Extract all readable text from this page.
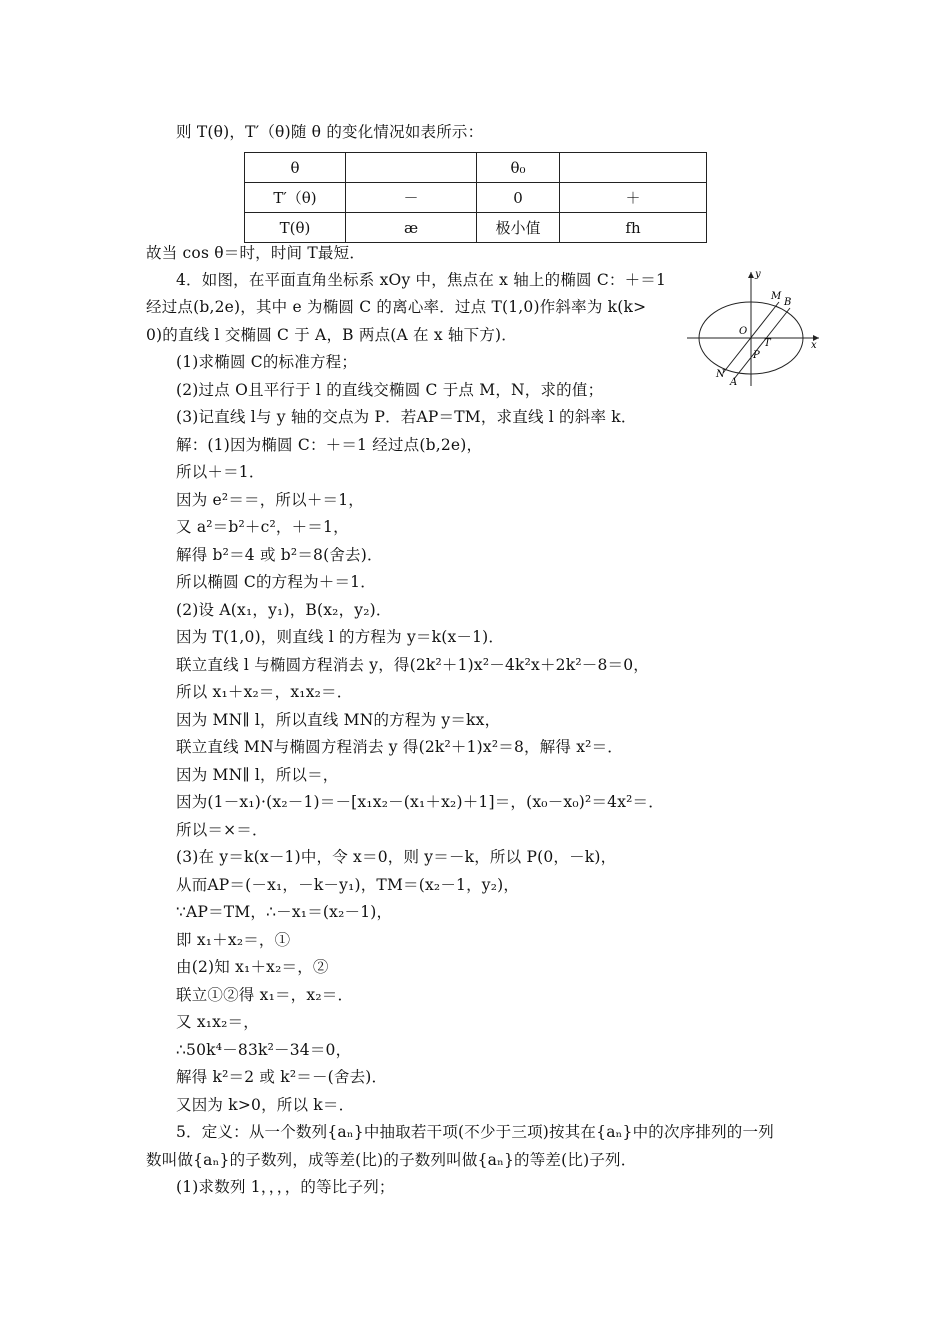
则 T(θ)，T′（θ)随 θ 的变化情况如表所示：
θ		θ₀	
T′（θ)	－	0	＋
T(θ)	æ	极小值	fh
故当 cos θ＝时，时间 T最短．
4．如图，在平面直角坐标系 xOy 中，焦点在 x 轴上的椭圆 C：＋＝1
经过点(b,2e)，其中 e 为椭圆 C 的离心率．过点 T(1,0)作斜率为 k(k>
0)的直线 l 交椭圆 C 于 A，B 两点(A 在 x 轴下方)．
(1)求椭圆 C的标准方程；
(2)过点 O且平行于 l 的直线交椭圆 C 于点 M，N，求的值；
(3)记直线 l与 y 轴的交点为 P．若AP＝TM，求直线 l 的斜率 k．
解：(1)因为椭圆 C：＋＝1 经过点(b,2e)，
所以＋＝1．
因为 e²＝＝，所以＋＝1，
又 a²＝b²＋c²，＋＝1，
解得 b²＝4 或 b²＝8(舍去)．
所以椭圆 C的方程为＋＝1．
(2)设 A(x₁，y₁)，B(x₂，y₂)．
因为 T(1,0)，则直线 l 的方程为 y＝k(x－1)．
联立直线 l 与椭圆方程消去 y，得(2k²＋1)x²－4k²x＋2k²－8＝0，
所以 x₁＋x₂＝，x₁x₂＝．
因为 MN∥ l，所以直线 MN的方程为 y＝kx，
联立直线 MN与椭圆方程消去 y 得(2k²＋1)x²＝8，解得 x²＝．
因为 MN∥ l，所以＝，
因为(1－x₁)·(x₂－1)＝－[x₁x₂－(x₁＋x₂)＋1]＝，(x₀－x₀)²＝4x²＝．
所以＝×＝．
(3)在 y＝k(x－1)中，令 x＝0，则 y＝－k，所以 P(0，－k)，
从而AP＝(－x₁，－k－y₁)，TM＝(x₂－1，y₂)，
∵AP＝TM，∴－x₁＝(x₂－1)，
即 x₁＋x₂＝，①
由(2)知 x₁＋x₂＝，②
联立①②得 x₁＝，x₂＝．
又 x₁x₂＝，
∴50k⁴－83k²－34＝0，
解得 k²＝2 或 k²＝－(舍去)．
又因为 k>0，所以 k＝．
5．定义：从一个数列{aₙ}中抽取若干项(不少于三项)按其在{aₙ}中的次序排列的一列
数叫做{aₙ}的子数列，成等差(比)的子数列叫做{aₙ}的等差(比)子列．
(1)求数列 1，，，，的等比子列；
y
x
O
M
B
T
P
N
A
